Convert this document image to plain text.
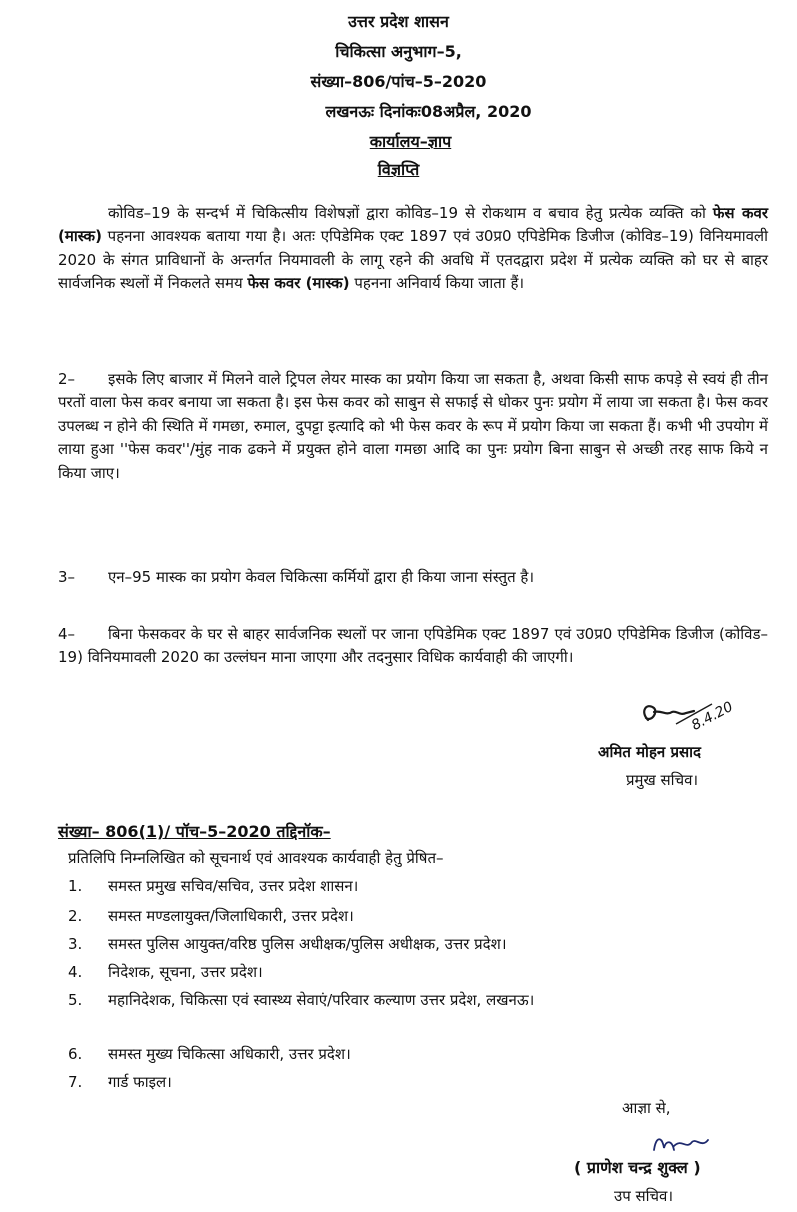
उत्तर प्रदेश शासन
चिकित्सा अनुभाग–5,
संख्या–806/पांच–5–2020
लखनऊः दिनांकः08अप्रैल, 2020
कार्यालय–ज्ञाप
विज्ञप्ति
कोविड–19 के सन्दर्भ में चिकित्सीय विशेषज्ञों द्वारा कोविड–19 से रोकथाम व बचाव हेतु प्रत्येक व्यक्ति को फेस कवर (मास्क) पहनना आवश्यक बताया गया है। अतः एपिडेमिक एक्ट 1897 एवं उ0प्र0 एपिडेमिक डिजीज (कोविड–19) विनियमावली 2020 के संगत प्राविधानों के अन्तर्गत नियमावली के लागू रहने की अवधि में एतदद्वारा प्रदेश में प्रत्येक व्यक्ति को घर से बाहर सार्वजनिक स्थलों में निकलते समय फेस कवर (मास्क) पहनना अनिवार्य किया जाता हैं।
2– इसके लिए बाजार में मिलने वाले ट्रिपल लेयर मास्क का प्रयोग किया जा सकता है, अथवा किसी साफ कपड़े से स्वयं ही तीन परतों वाला फेस कवर बनाया जा सकता है। इस फेस कवर को साबुन से सफाई से धोकर पुनः प्रयोग में लाया जा सकता है। फेस कवर उपलब्ध न होने की स्थिति में गमछा, रुमाल, दुपट्टा इत्यादि को भी फेस कवर के रूप में प्रयोग किया जा सकता हैं। कभी भी उपयोग में लाया हुआ ''फेस कवर''/मुंह नाक ढकने में प्रयुक्त होने वाला गमछा आदि का पुनः प्रयोग बिना साबुन से अच्छी तरह साफ किये न किया जाए।
3– एन–95 मास्क का प्रयोग केवल चिकित्सा कर्मियों द्वारा ही किया जाना संस्तुत है।
4– बिना फेसकवर के घर से बाहर सार्वजनिक स्थलों पर जाना एपिडेमिक एक्ट 1897 एवं उ0प्र0 एपिडेमिक डिजीज (कोविड–19) विनियमावली 2020 का उल्लंघन माना जाएगा और तदनुसार विधिक कार्यवाही की जाएगी।
8.4.20
अमित मोहन प्रसाद
प्रमुख सचिव।
संख्या– 806(1)/ पॉच–5–2020 तद्दिनॉक–
प्रतिलिपि निम्नलिखित को सूचनार्थ एवं आवश्यक कार्यवाही हेतु प्रेषित–
1. समस्त प्रमुख सचिव/सचिव, उत्तर प्रदेश शासन।
2. समस्त मण्डलायुक्त/जिलाधिकारी, उत्तर प्रदेश।
3. समस्त पुलिस आयुक्त/वरिष्ठ पुलिस अधीक्षक/पुलिस अधीक्षक, उत्तर प्रदेश।
4. निदेशक, सूचना, उत्तर प्रदेश।
5. महानिदेशक, चिकित्सा एवं स्वास्थ्य सेवाएं/परिवार कल्याण उत्तर प्रदेश, लखनऊ।
6. समस्त मुख्य चिकित्सा अधिकारी, उत्तर प्रदेश।
7. गार्ड फाइल।
आज्ञा से,
( प्राणेश चन्द्र शुक्ल )
उप सचिव।
